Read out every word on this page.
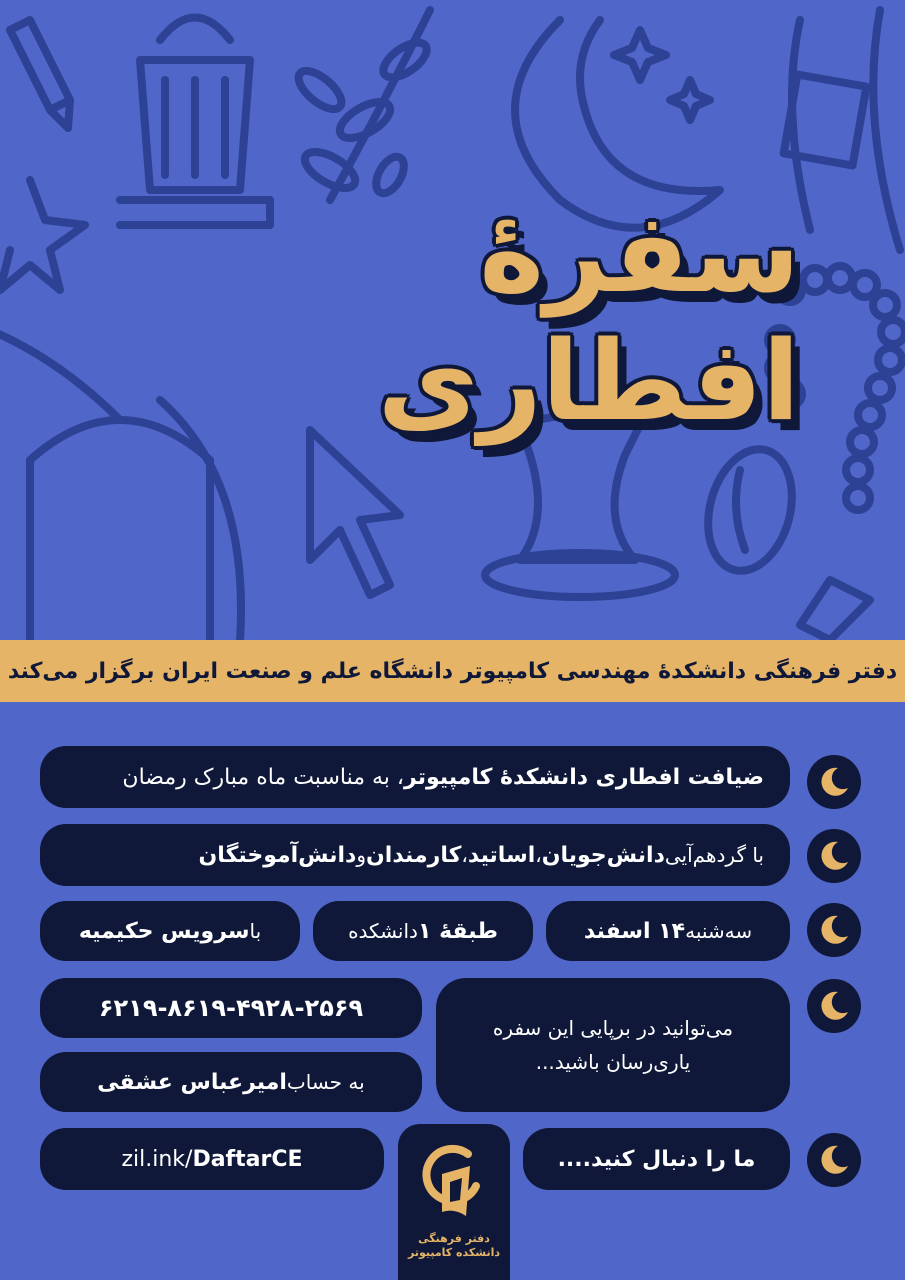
سفرهٔ افطاری
دفتر فرهنگی دانشکدهٔ مهندسی کامپیوتر دانشگاه علم و صنعت ایران برگزار می‌کند
ضیافت افطاری دانشکدهٔ کامپیوتر
، به مناسبت ماه مبارک رمضان
با گردهم‌آیی
دانش‌جویان
،
اساتید
،
کارمندان
و
دانش‌آموختگان
سه‌شنبه
۱۴ اسفند
طبقهٔ ۱
دانشکده
با
سرویس حکیمیه
می‌توانید در برپایی این سفره
یاری‌رسان باشید...
۶۲۱۹-۸۶۱۹-۴۹۲۸-۲۵۶۹
به حساب
امیرعباس عشقی
ما را دنبال کنید....
دفتر فرهنگی
دانشکده کامپیوتر
zil.ink/ DaftarCE
